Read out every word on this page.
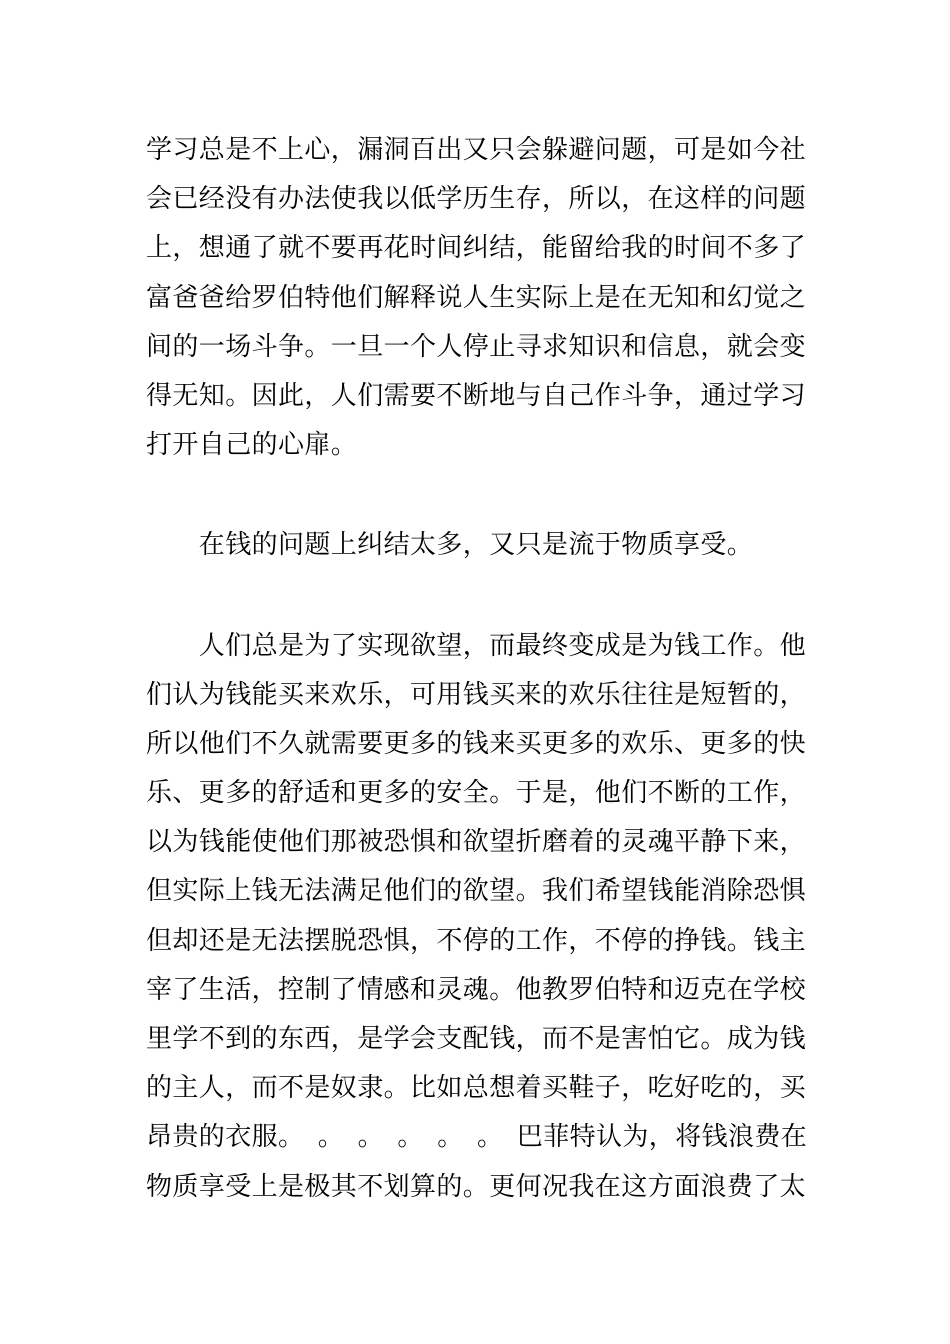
学习总是不上心，漏洞百出又只会躲避问题，可是如今社
会已经没有办法使我以低学历生存，所以，在这样的问题
上，想通了就不要再花时间纠结，能留给我的时间不多了
富爸爸给罗伯特他们解释说人生实际上是在无知和幻觉之
间的一场斗争。一旦一个人停止寻求知识和信息，就会变
得无知。因此，人们需要不断地与自己作斗争，通过学习
打开自己的心扉。
　　在钱的问题上纠结太多，又只是流于物质享受。
　　人们总是为了实现欲望，而最终变成是为钱工作。他
们认为钱能买来欢乐，可用钱买来的欢乐往往是短暂的，
所以他们不久就需要更多的钱来买更多的欢乐、更多的快
乐、更多的舒适和更多的安全。于是，他们不断的工作，
以为钱能使他们那被恐惧和欲望折磨着的灵魂平静下来，
但实际上钱无法满足他们的欲望。我们希望钱能消除恐惧
但却还是无法摆脱恐惧，不停的工作，不停的挣钱。钱主
宰了生活，控制了情感和灵魂。他教罗伯特和迈克在学校
里学不到的东西，是学会支配钱，而不是害怕它。成为钱
的主人，而不是奴隶。比如总想着买鞋子，吃好吃的，买
昂贵的衣服。　。　。　。　。　。　巴菲特认为，将钱浪费在
物质享受上是极其不划算的。更何况我在这方面浪费了太
